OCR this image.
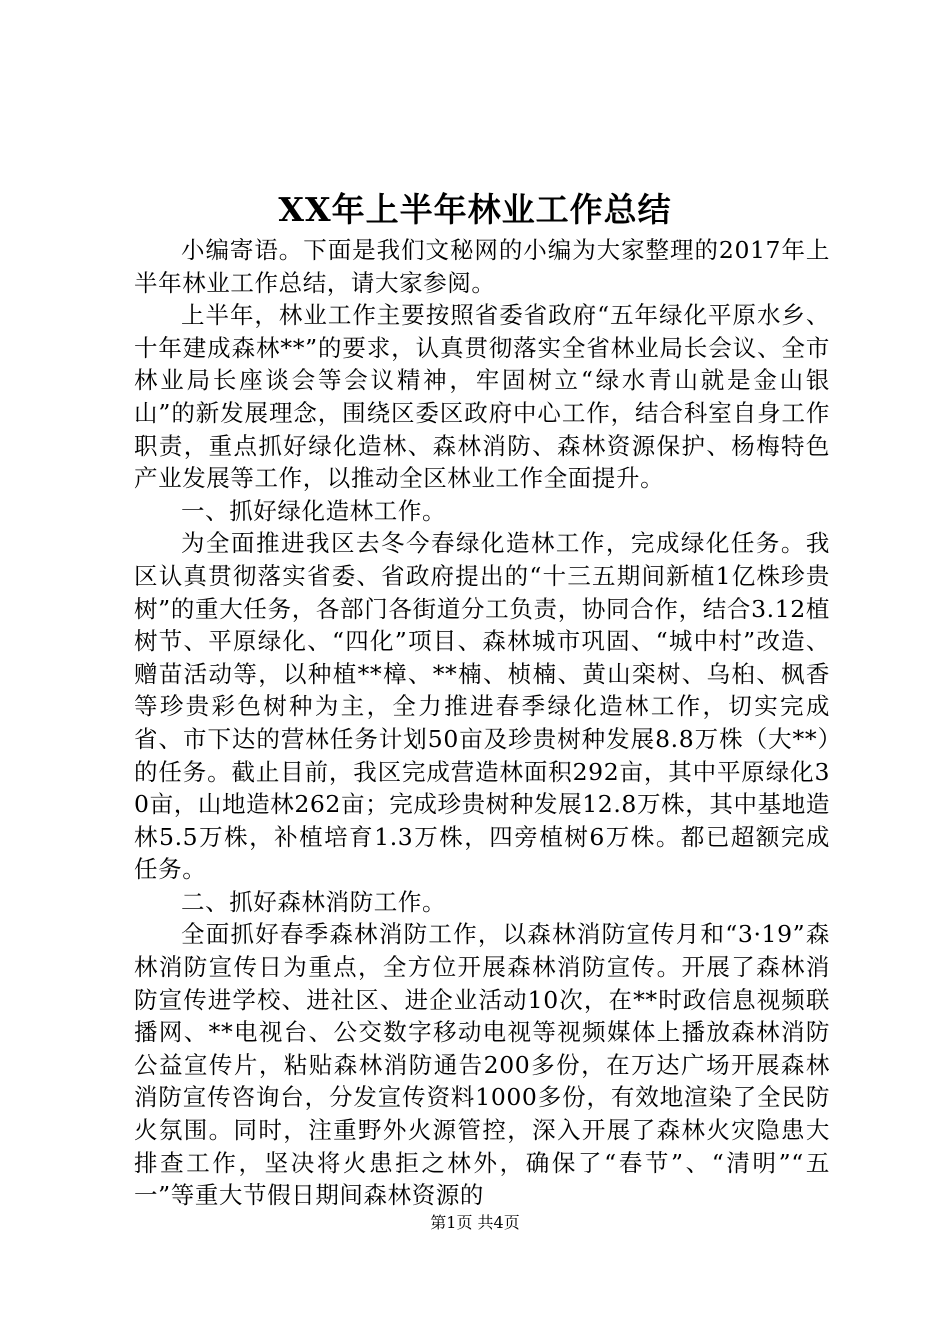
XX年上半年林业工作总结

小编寄语。下面是我们文秘网的小编为大家整理的2017年上半年林业工作总结，请大家参阅。

上半年，林业工作主要按照省委省政府“五年绿化平原水乡、十年建成森林**”的要求，认真贯彻落实全省林业局长会议、全市林业局长座谈会等会议精神，牢固树立“绿水青山就是金山银山”的新发展理念，围绕区委区政府中心工作，结合科室自身工作职责，重点抓好绿化造林、森林消防、森林资源保护、杨梅特色产业发展等工作，以推动全区林业工作全面提升。

一、抓好绿化造林工作。

为全面推进我区去冬今春绿化造林工作，完成绿化任务。我区认真贯彻落实省委、省政府提出的“十三五期间新植1亿株珍贵树”的重大任务，各部门各街道分工负责，协同合作，结合3.12植树节、平原绿化、“四化”项目、森林城市巩固、“城中村”改造、赠苗活动等，以种植**樟、**楠、桢楠、黄山栾树、乌桕、枫香等珍贵彩色树种为主，全力推进春季绿化造林工作，切实完成省、市下达的营林任务计划50亩及珍贵树种发展8.8万株（大**）的任务。截止目前，我区完成营造林面积292亩，其中平原绿化30亩，山地造林262亩；完成珍贵树种发展12.8万株，其中基地造林5.5万株，补植培育1.3万株，四旁植树6万株。都已超额完成任务。

二、抓好森林消防工作。

全面抓好春季森林消防工作，以森林消防宣传月和“3·19”森林消防宣传日为重点，全方位开展森林消防宣传。开展了森林消防宣传进学校、进社区、进企业活动10次，在**时政信息视频联播网、**电视台、公交数字移动电视等视频媒体上播放森林消防公益宣传片，粘贴森林消防通告200多份，在万达广场开展森林消防宣传咨询台，分发宣传资料1000多份，有效地渲染了全民防火氛围。同时，注重野外火源管控，深入开展了森林火灾隐患大排查工作，坚决将火患拒之林外，确保了“春节”、“清明”“五一”等重大节假日期间森林资源的

第1页 共4页
